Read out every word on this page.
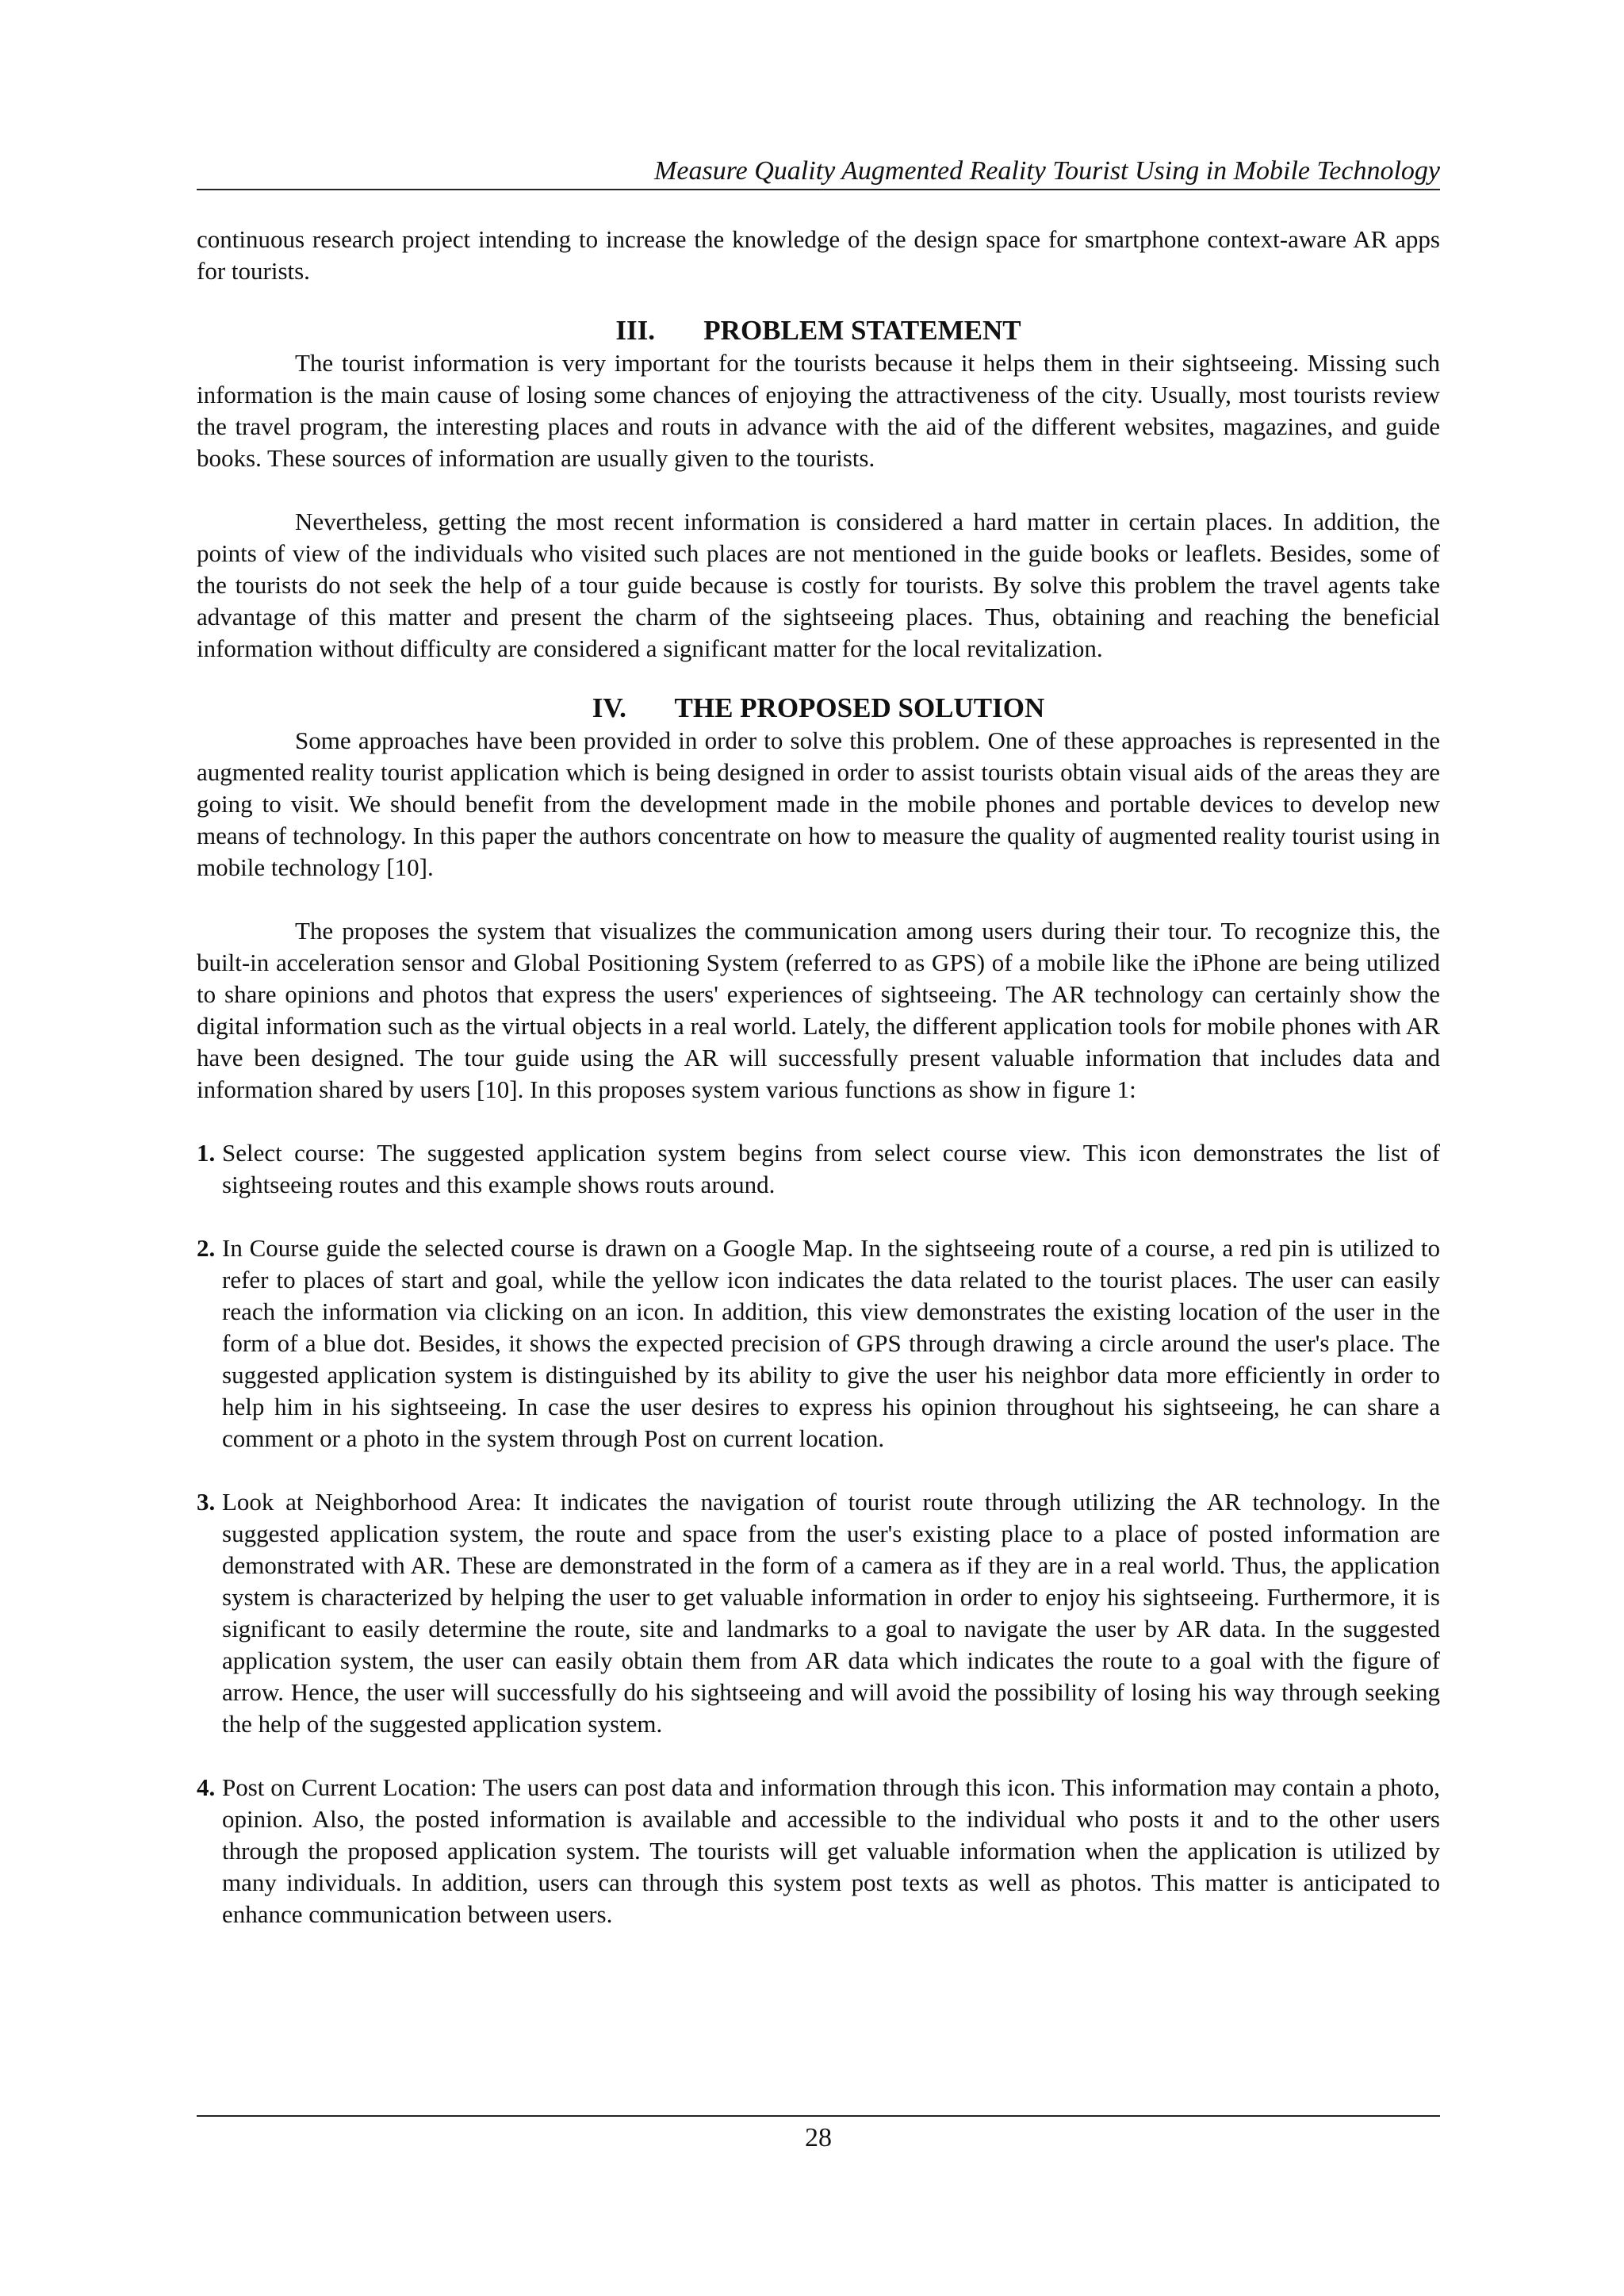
Measure Quality Augmented Reality Tourist Using in Mobile Technology

continuous research project intending to increase the knowledge of the design space for smartphone context-aware AR apps for tourists.

III. PROBLEM STATEMENT

The tourist information is very important for the tourists because it helps them in their sightseeing. Missing such information is the main cause of losing some chances of enjoying the attractiveness of the city. Usually, most tourists review the travel program, the interesting places and routs in advance with the aid of the different websites, magazines, and guide books. These sources of information are usually given to the tourists.

Nevertheless, getting the most recent information is considered a hard matter in certain places. In addition, the points of view of the individuals who visited such places are not mentioned in the guide books or leaflets. Besides, some of the tourists do not seek the help of a tour guide because is costly for tourists. By solve this problem the travel agents take advantage of this matter and present the charm of the sightseeing places. Thus, obtaining and reaching the beneficial information without difficulty are considered a significant matter for the local revitalization.

IV. THE PROPOSED SOLUTION

Some approaches have been provided in order to solve this problem. One of these approaches is represented in the augmented reality tourist application which is being designed in order to assist tourists obtain visual aids of the areas they are going to visit. We should benefit from the development made in the mobile phones and portable devices to develop new means of technology. In this paper the authors concentrate on how to measure the quality of augmented reality tourist using in mobile technology [10].

The proposes the system that visualizes the communication among users during their tour. To recognize this, the built-in acceleration sensor and Global Positioning System (referred to as GPS) of a mobile like the iPhone are being utilized to share opinions and photos that express the users' experiences of sightseeing. The AR technology can certainly show the digital information such as the virtual objects in a real world. Lately, the different application tools for mobile phones with AR have been designed. The tour guide using the AR will successfully present valuable information that includes data and information shared by users [10]. In this proposes system various functions as show in figure 1:

1. Select course: The suggested application system begins from select course view. This icon demonstrates the list of sightseeing routes and this example shows routs around.
2. In Course guide the selected course is drawn on a Google Map. In the sightseeing route of a course, a red pin is utilized to refer to places of start and goal, while the yellow icon indicates the data related to the tourist places. The user can easily reach the information via clicking on an icon. In addition, this view demonstrates the existing location of the user in the form of a blue dot. Besides, it shows the expected precision of GPS through drawing a circle around the user's place. The suggested application system is distinguished by its ability to give the user his neighbor data more efficiently in order to help him in his sightseeing. In case the user desires to express his opinion throughout his sightseeing, he can share a comment or a photo in the system through Post on current location.
3. Look at Neighborhood Area: It indicates the navigation of tourist route through utilizing the AR technology. In the suggested application system, the route and space from the user's existing place to a place of posted information are demonstrated with AR. These are demonstrated in the form of a camera as if they are in a real world. Thus, the application system is characterized by helping the user to get valuable information in order to enjoy his sightseeing. Furthermore, it is significant to easily determine the route, site and landmarks to a goal to navigate the user by AR data. In the suggested application system, the user can easily obtain them from AR data which indicates the route to a goal with the figure of arrow. Hence, the user will successfully do his sightseeing and will avoid the possibility of losing his way through seeking the help of the suggested application system.
4. Post on Current Location: The users can post data and information through this icon. This information may contain a photo, opinion. Also, the posted information is available and accessible to the individual who posts it and to the other users through the proposed application system. The tourists will get valuable information when the application is utilized by many individuals. In addition, users can through this system post texts as well as photos. This matter is anticipated to enhance communication between users.
28
